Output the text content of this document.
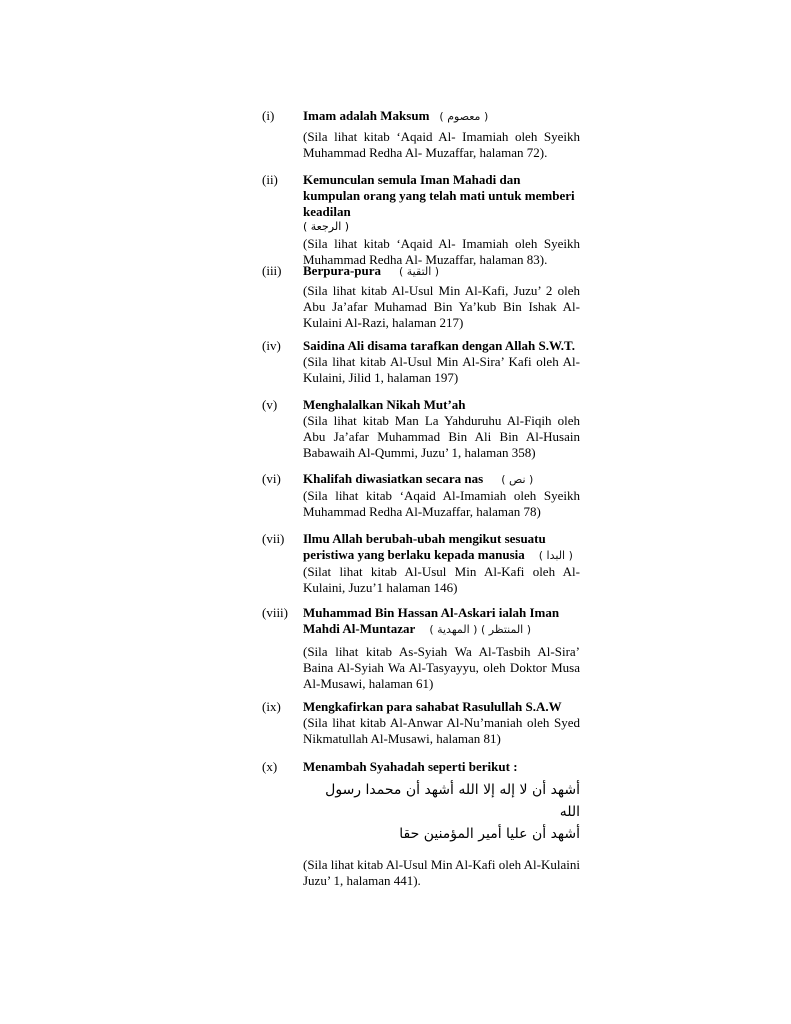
(i) Imam adalah Maksum ( معصوم )

(Sila lihat kitab ‘Aqaid Al- Imamiah oleh Syeikh Muhammad Redha Al- Muzaffar, halaman 72).

(ii) Kemunculan semula Iman Mahadi dan kumpulan orang yang telah mati untuk memberi keadilan

( الرجعة )

(Sila lihat kitab ‘Aqaid Al- Imamiah oleh Syeikh Muhammad Redha Al- Muzaffar, halaman 83).

(iii) Berpura-pura ( التقية )

(Sila lihat kitab Al-Usul Min Al-Kafi, Juzu’ 2 oleh Abu Ja’afar Muhamad Bin Ya’kub Bin Ishak Al-Kulaini Al-Razi, halaman 217)

(iv) Saidina Ali disama tarafkan dengan Allah S.W.T.

(Sila lihat kitab Al-Usul Min Al-Sira’ Kafi oleh Al-Kulaini, Jilid 1, halaman 197)

(v) Menghalalkan Nikah Mut’ah

(Sila lihat kitab Man La Yahduruhu Al-Fiqih oleh Abu Ja’afar Muhammad Bin Ali Bin Al-Husain Babawaih Al-Qummi, Juzu’ 1, halaman 358)

(vi) Khalifah diwasiatkan secara nas ( نص )

(Sila lihat kitab ‘Aqaid Al-Imamiah oleh Syeikh Muhammad Redha Al-Muzaffar, halaman 78)

(vii) Ilmu Allah berubah-ubah mengikut sesuatu peristiwa yang berlaku kepada manusia ( البدا )

(Silat lihat kitab Al-Usul Min Al-Kafi oleh Al-Kulaini, Juzu’1 halaman 146)

(viii) Muhammad Bin Hassan Al-Askari ialah Iman Mahdi Al-Muntazar ( المنتظر ) ( المهدية )

(Sila lihat kitab As-Syiah Wa Al-Tasbih Al-Sira’ Baina Al-Syiah Wa Al-Tasyayyu, oleh Doktor Musa Al-Musawi, halaman 61)

(ix) Mengkafirkan para sahabat Rasulullah S.A.W

(Sila lihat kitab Al-Anwar Al-Nu’maniah oleh Syed Nikmatullah Al-Musawi, halaman 81)

(x) Menambah Syahadah seperti berikut :

أشهد أن لا إله إلا الله أشهد أن محمدا رسول الله
أشهد أن عليا أمير المؤمنين حقا

(Sila lihat kitab Al-Usul Min Al-Kafi oleh Al-Kulaini Juzu’ 1, halaman 441).
